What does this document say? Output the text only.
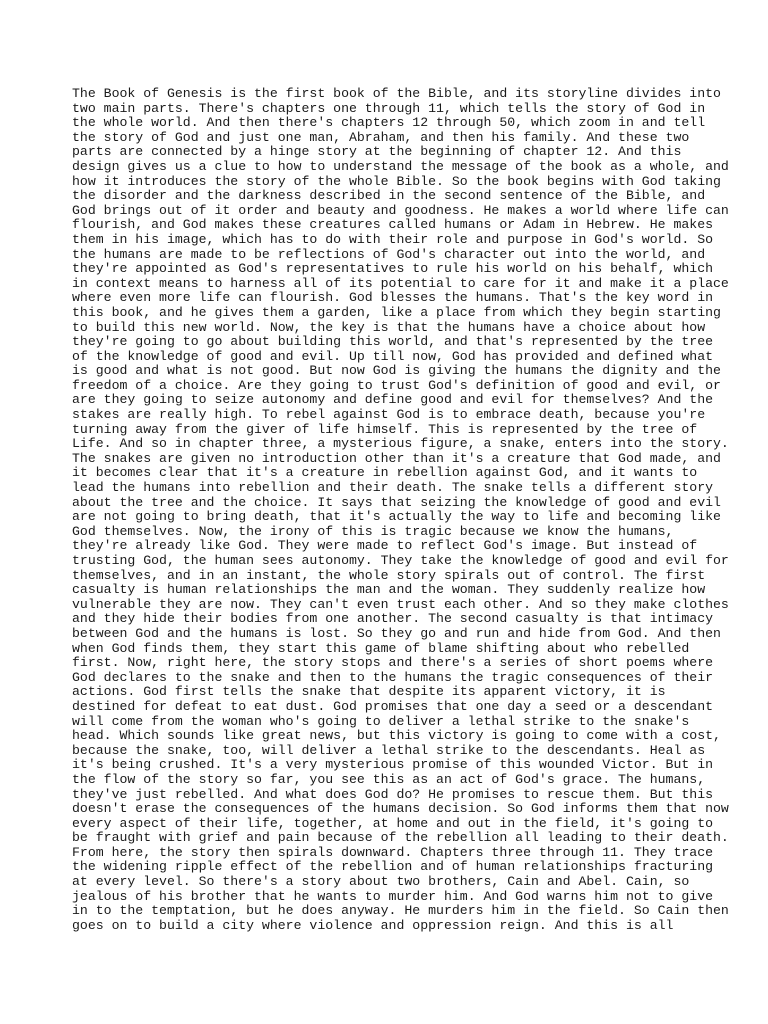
The Book of Genesis is the first book of the Bible, and its storyline divides into
two main parts. There's chapters one through 11, which tells the story of God in
the whole world. And then there's chapters 12 through 50, which zoom in and tell
the story of God and just one man, Abraham, and then his family. And these two
parts are connected by a hinge story at the beginning of chapter 12. And this
design gives us a clue to how to understand the message of the book as a whole, and
how it introduces the story of the whole Bible. So the book begins with God taking
the disorder and the darkness described in the second sentence of the Bible, and
God brings out of it order and beauty and goodness. He makes a world where life can
flourish, and God makes these creatures called humans or Adam in Hebrew. He makes
them in his image, which has to do with their role and purpose in God's world. So
the humans are made to be reflections of God's character out into the world, and
they're appointed as God's representatives to rule his world on his behalf, which
in context means to harness all of its potential to care for it and make it a place
where even more life can flourish. God blesses the humans. That's the key word in
this book, and he gives them a garden, like a place from which they begin starting
to build this new world. Now, the key is that the humans have a choice about how
they're going to go about building this world, and that's represented by the tree
of the knowledge of good and evil. Up till now, God has provided and defined what
is good and what is not good. But now God is giving the humans the dignity and the
freedom of a choice. Are they going to trust God's definition of good and evil, or
are they going to seize autonomy and define good and evil for themselves? And the
stakes are really high. To rebel against God is to embrace death, because you're
turning away from the giver of life himself. This is represented by the tree of
Life. And so in chapter three, a mysterious figure, a snake, enters into the story.
The snakes are given no introduction other than it's a creature that God made, and
it becomes clear that it's a creature in rebellion against God, and it wants to
lead the humans into rebellion and their death. The snake tells a different story
about the tree and the choice. It says that seizing the knowledge of good and evil
are not going to bring death, that it's actually the way to life and becoming like
God themselves. Now, the irony of this is tragic because we know the humans,
they're already like God. They were made to reflect God's image. But instead of
trusting God, the human sees autonomy. They take the knowledge of good and evil for
themselves, and in an instant, the whole story spirals out of control. The first
casualty is human relationships the man and the woman. They suddenly realize how
vulnerable they are now. They can't even trust each other. And so they make clothes
and they hide their bodies from one another. The second casualty is that intimacy
between God and the humans is lost. So they go and run and hide from God. And then
when God finds them, they start this game of blame shifting about who rebelled
first. Now, right here, the story stops and there's a series of short poems where
God declares to the snake and then to the humans the tragic consequences of their
actions. God first tells the snake that despite its apparent victory, it is
destined for defeat to eat dust. God promises that one day a seed or a descendant
will come from the woman who's going to deliver a lethal strike to the snake's
head. Which sounds like great news, but this victory is going to come with a cost,
because the snake, too, will deliver a lethal strike to the descendants. Heal as
it's being crushed. It's a very mysterious promise of this wounded Victor. But in
the flow of the story so far, you see this as an act of God's grace. The humans,
they've just rebelled. And what does God do? He promises to rescue them. But this
doesn't erase the consequences of the humans decision. So God informs them that now
every aspect of their life, together, at home and out in the field, it's going to
be fraught with grief and pain because of the rebellion all leading to their death.
From here, the story then spirals downward. Chapters three through 11. They trace
the widening ripple effect of the rebellion and of human relationships fracturing
at every level. So there's a story about two brothers, Cain and Abel. Cain, so
jealous of his brother that he wants to murder him. And God warns him not to give
in to the temptation, but he does anyway. He murders him in the field. So Cain then
goes on to build a city where violence and oppression reign. And this is all
